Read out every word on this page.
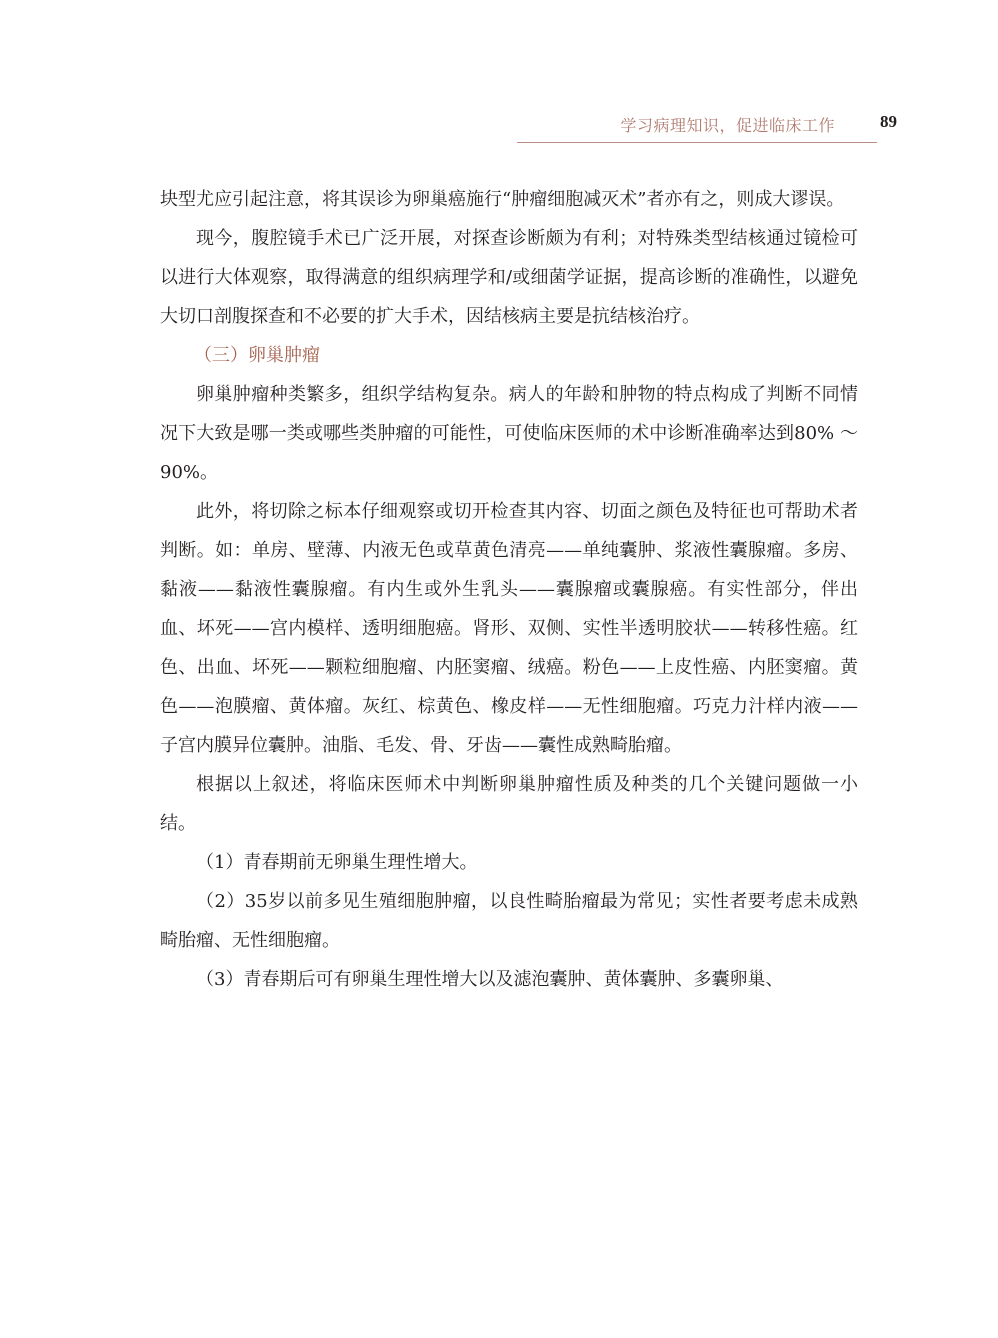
学习病理知识，促进临床工作	89

块型尤应引起注意，将其误诊为卵巢癌施行“肿瘤细胞减灭术”者亦有之，则成大谬误。

现今，腹腔镜手术已广泛开展，对探查诊断颇为有利；对特殊类型结核通过镜检可以进行大体观察，取得满意的组织病理学和/或细菌学证据，提高诊断的准确性，以避免大切口剖腹探查和不必要的扩大手术，因结核病主要是抗结核治疗。

（三）卵巢肿瘤

卵巢肿瘤种类繁多，组织学结构复杂。病人的年龄和肿物的特点构成了判断不同情况下大致是哪一类或哪些类肿瘤的可能性，可使临床医师的术中诊断准确率达到80% ～ 90%。

此外，将切除之标本仔细观察或切开检查其内容、切面之颜色及特征也可帮助术者判断。如：单房、壁薄、内液无色或草黄色清亮——单纯囊肿、浆液性囊腺瘤。多房、黏液——黏液性囊腺瘤。有内生或外生乳头——囊腺瘤或囊腺癌。有实性部分，伴出血、坏死——宫内模样、透明细胞癌。肾形、双侧、实性半透明胶状——转移性癌。红色、出血、坏死——颗粒细胞瘤、内胚窦瘤、绒癌。粉色——上皮性癌、内胚窦瘤。黄色——泡膜瘤、黄体瘤。灰红、棕黄色、橡皮样——无性细胞瘤。巧克力汁样内液——子宫内膜异位囊肿。油脂、毛发、骨、牙齿——囊性成熟畸胎瘤。

根据以上叙述，将临床医师术中判断卵巢肿瘤性质及种类的几个关键问题做一小结。

（1）青春期前无卵巢生理性增大。

（2）35岁以前多见生殖细胞肿瘤，以良性畸胎瘤最为常见；实性者要考虑未成熟畸胎瘤、无性细胞瘤。

（3）青春期后可有卵巢生理性增大以及滤泡囊肿、黄体囊肿、多囊卵巢、
